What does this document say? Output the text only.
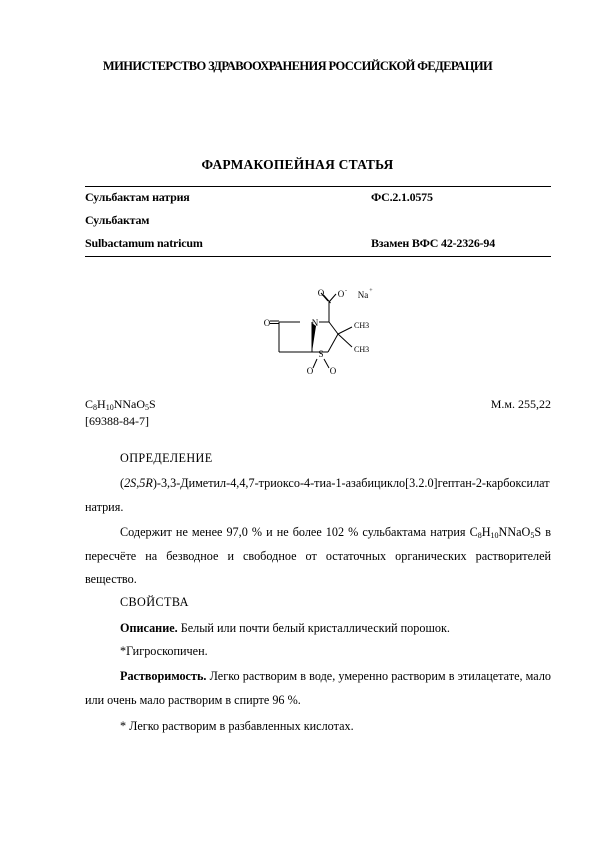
МИНИСТЕРСТВО ЗДРАВООХРАНЕНИЯ РОССИЙСКОЙ ФЕДЕРАЦИИ
ФАРМАКОПЕЙНАЯ СТАТЬЯ
Сульбактам натрия	ФС.2.1.0575
Сульбактам
Sulbactamum natricum	Взамен ВФС 42-2326-94
O	N
S
O O
O O - Na +
CH3
CH3
$C_8H_{10}NNaO_5S$	М.м. 255,22
[69388-84-7]
ОПРЕДЕЛЕНИЕ
(2S,5R)-3,3-Диметил-4,4,7-триоксо-4-тиа-1-азабицикло[3.2.0]гептан-2-карбоксилат натрия.
Содержит не менее 97,0 % и не более 102 % сульбактама натрия $C_8H_{10}NNaO_5S$ в пересчёте на безводное и свободное от остаточных органических растворителей вещество.
СВОЙСТВА
Описание. Белый или почти белый кристаллический порошок.
*Гигроскопичен.
Растворимость. Легко растворим в воде, умеренно растворим в этилацетате, мало или очень мало растворим в спирте 96 %.
* Легко растворим в разбавленных кислотах.
